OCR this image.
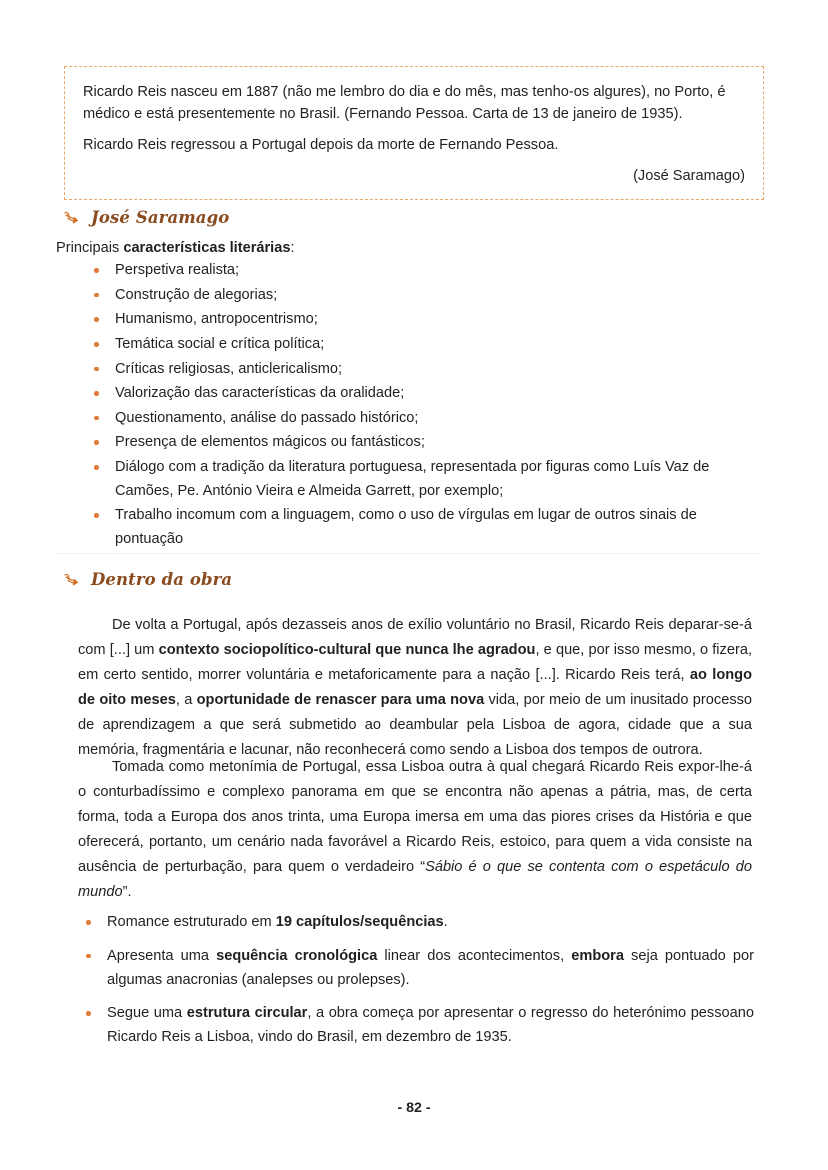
Ricardo Reis nasceu em 1887 (não me lembro do dia e do mês, mas tenho-os algures), no Porto, é médico e está presentemente no Brasil. (Fernando Pessoa. Carta de 13 de janeiro de 1935).

Ricardo Reis regressou a Portugal depois da morte de Fernando Pessoa.

(José Saramago)

José Saramago
Principais características literárias:
Perspetiva realista;
Construção de alegorias;
Humanismo, antropocentrismo;
Temática social e crítica política;
Críticas religiosas, anticlericalismo;
Valorização das características da oralidade;
Questionamento, análise do passado histórico;
Presença de elementos mágicos ou fantásticos;
Diálogo com a tradição da literatura portuguesa, representada por figuras como Luís Vaz de Camões, Pe. António Vieira e Almeida Garrett, por exemplo;
Trabalho incomum com a linguagem, como o uso de vírgulas em lugar de outros sinais de pontuação
Dentro da obra

De volta a Portugal, após dezasseis anos de exílio voluntário no Brasil, Ricardo Reis deparar-se-á com [...] um contexto sociopolítico-cultural que nunca lhe agradou, e que, por isso mesmo, o fizera, em certo sentido, morrer voluntária e metaforicamente para a nação [...]. Ricardo Reis terá, ao longo de oito meses, a oportunidade de renascer para uma nova vida, por meio de um inusitado processo de aprendizagem a que será submetido ao deambular pela Lisboa de agora, cidade que a sua memória, fragmentária e lacunar, não reconhecerá como sendo a Lisboa dos tempos de outrora.

Tomada como metonímia de Portugal, essa Lisboa outra à qual chegará Ricardo Reis expor-lhe-á o conturbadíssimo e complexo panorama em que se encontra não apenas a pátria, mas, de certa forma, toda a Europa dos anos trinta, uma Europa imersa em uma das piores crises da História e que oferecerá, portanto, um cenário nada favorável a Ricardo Reis, estoico, para quem a vida consiste na ausência de perturbação, para quem o verdadeiro “Sábio é o que se contenta com o espetáculo do mundo”.

Romance estruturado em 19 capítulos/sequências.
Apresenta uma sequência cronológica linear dos acontecimentos, embora seja pontuado por algumas anacronias (analepses ou prolepses).
Segue uma estrutura circular, a obra começa por apresentar o regresso do heterónimo pessoano Ricardo Reis a Lisboa, vindo do Brasil, em dezembro de 1935.
- 82 -
